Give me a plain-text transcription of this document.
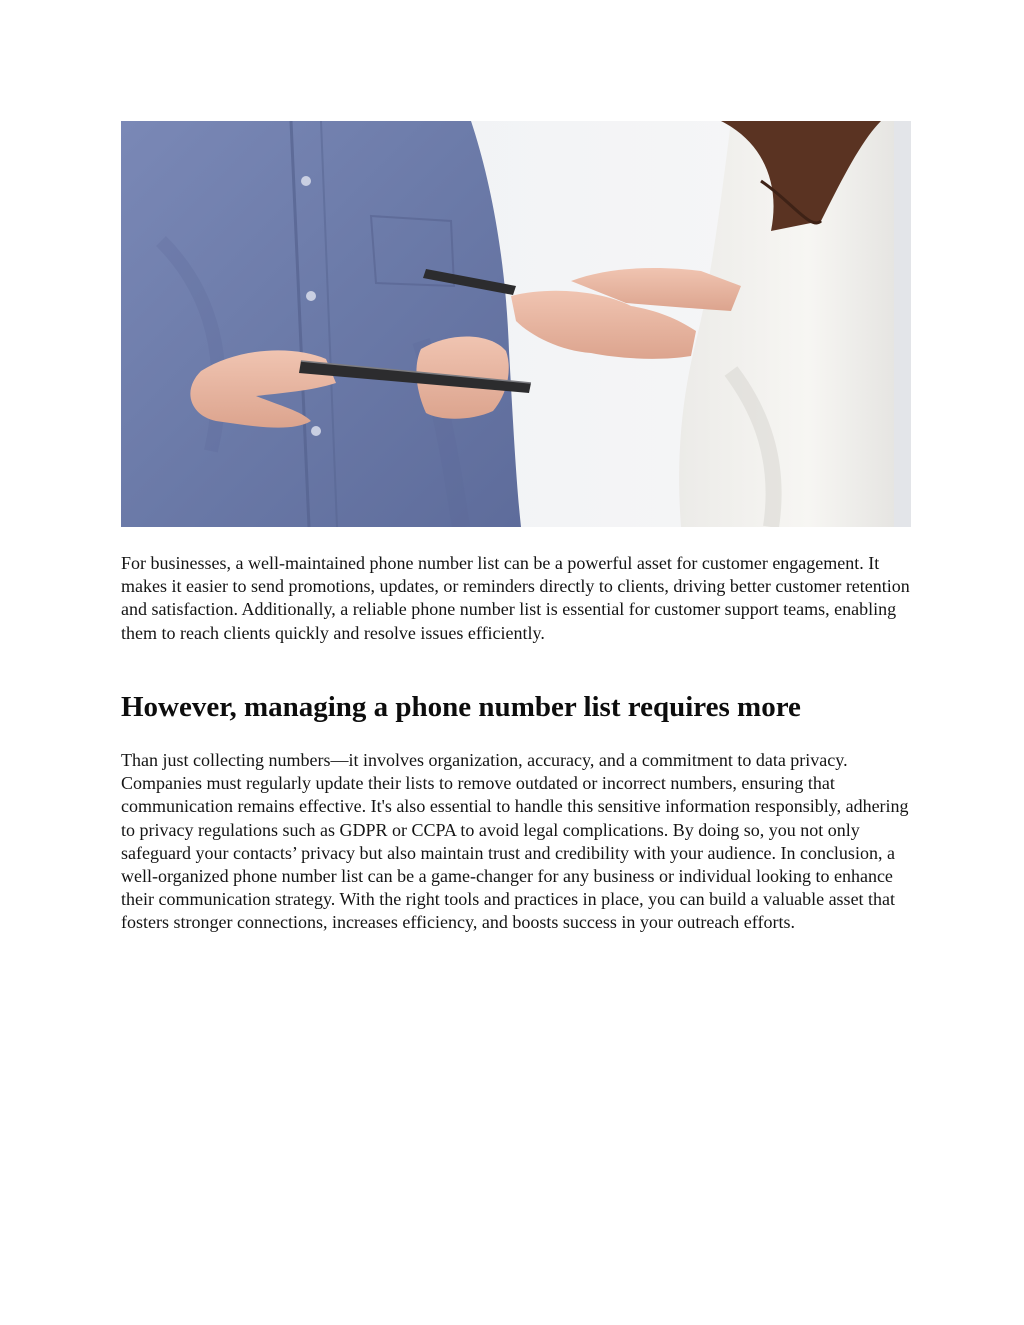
For businesses, a well-maintained phone number list can be a powerful asset for customer engagement. It makes it easier to send promotions, updates, or reminders directly to clients, driving better customer retention and satisfaction. Additionally, a reliable phone number list is essential for customer support teams, enabling them to reach clients quickly and resolve issues efficiently.

However, managing a phone number list requires more

Than just collecting numbers—it involves organization, accuracy, and a commitment to data privacy. Companies must regularly update their lists to remove outdated or incorrect numbers, ensuring that communication remains effective. It's also essential to handle this sensitive information responsibly, adhering to privacy regulations such as GDPR or CCPA to avoid legal complications. By doing so, you not only safeguard your contacts’ privacy but also maintain trust and credibility with your audience. In conclusion, a well-organized phone number list can be a game-changer for any business or individual looking to enhance their communication strategy. With the right tools and practices in place, you can build a valuable asset that fosters stronger connections, increases efficiency, and boosts success in your outreach efforts.
